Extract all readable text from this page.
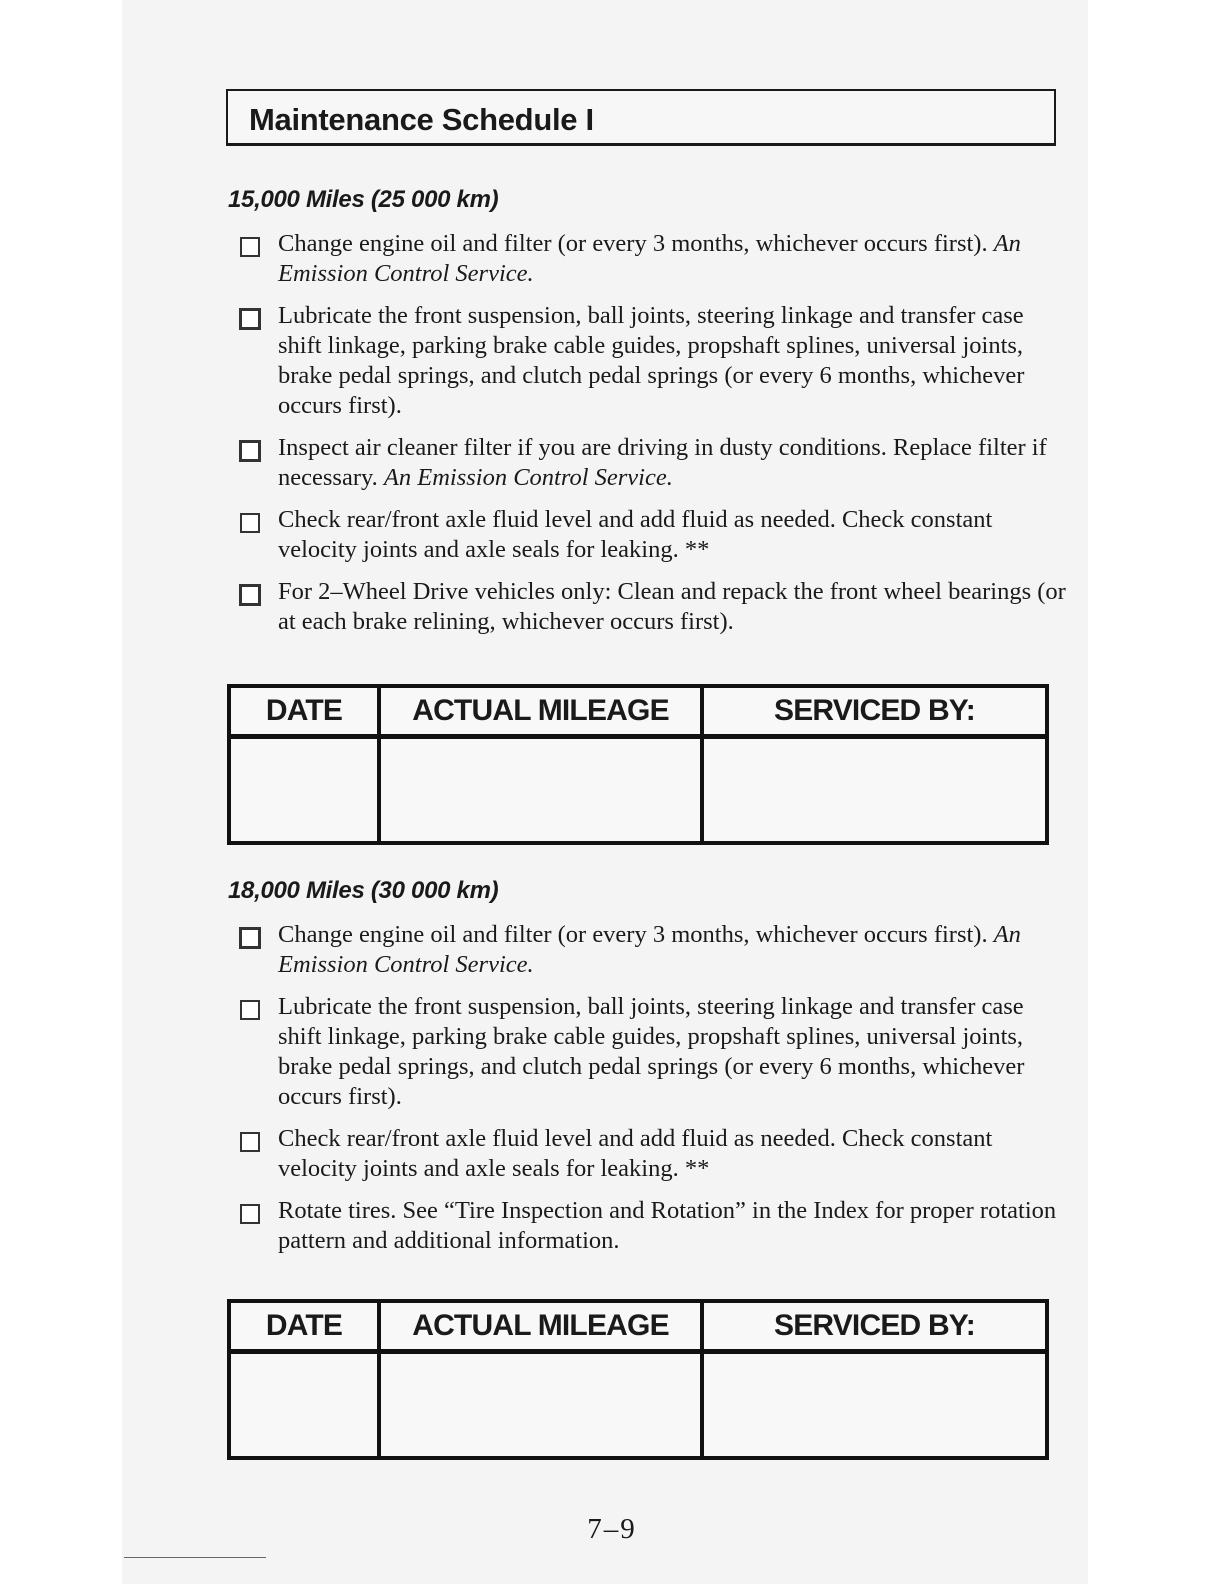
Maintenance Schedule I
15,000 Miles (25 000 km)
Change engine oil and filter (or every 3 months, whichever occurs first). An Emission Control Service.
Lubricate the front suspension, ball joints, steering linkage and transfer case shift linkage, parking brake cable guides, propshaft splines, universal joints, brake pedal springs, and clutch pedal springs (or every 6 months, whichever occurs first).
Inspect air cleaner filter if you are driving in dusty conditions. Replace filter if necessary. An Emission Control Service.
Check rear/front axle fluid level and add fluid as needed. Check constant velocity joints and axle seals for leaking. **
For 2–Wheel Drive vehicles only: Clean and repack the front wheel bearings (or at each brake relining, whichever occurs first).
DATE	ACTUAL MILEAGE	SERVICED BY:

18,000 Miles (30 000 km)
Change engine oil and filter (or every 3 months, whichever occurs first). An Emission Control Service.
Lubricate the front suspension, ball joints, steering linkage and transfer case shift linkage, parking brake cable guides, propshaft splines, universal joints, brake pedal springs, and clutch pedal springs (or every 6 months, whichever occurs first).
Check rear/front axle fluid level and add fluid as needed. Check constant velocity joints and axle seals for leaking. **
Rotate tires. See “Tire Inspection and Rotation” in the Index for proper rotation pattern and additional information.
DATE	ACTUAL MILEAGE	SERVICED BY:

7–9
